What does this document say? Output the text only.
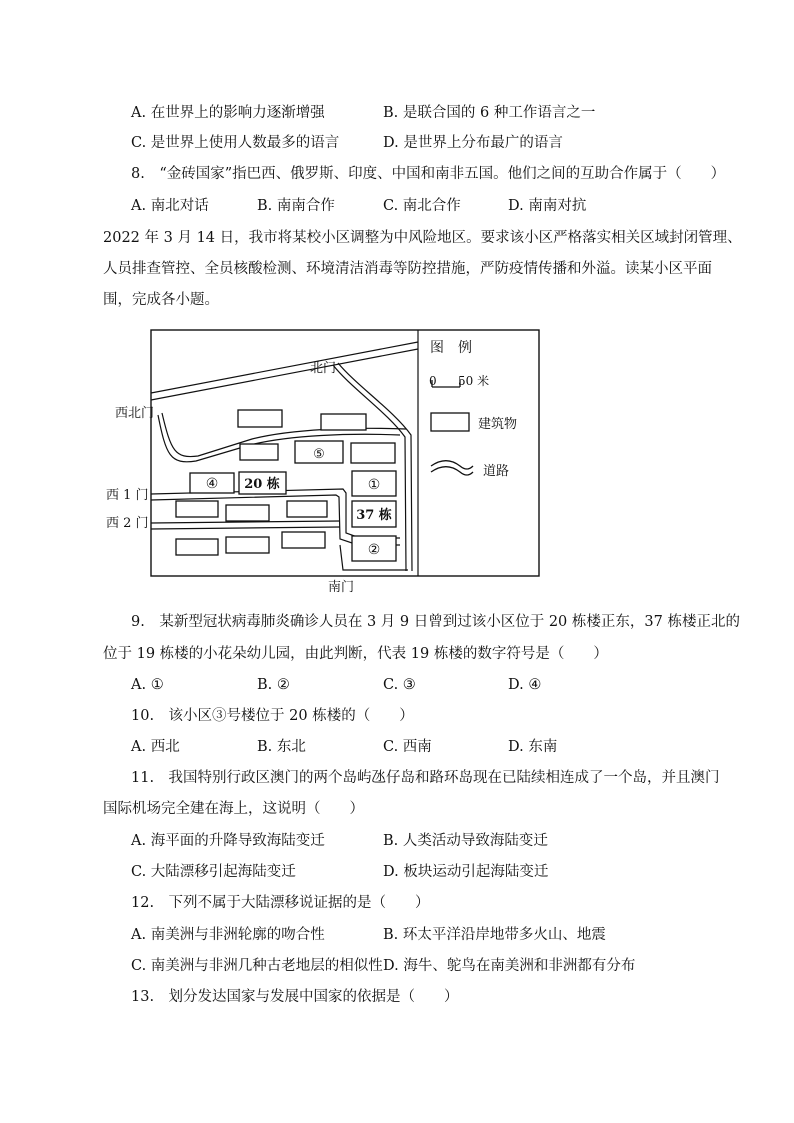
A. 在世界上的影响力逐渐增强	B. 是联合国的 6 种工作语言之一
C. 是世界上使用人数最多的语言	D. 是世界上分布最广的语言
8.　“金砖国家”指巴西、俄罗斯、印度、中国和南非五国。他们之间的互助合作属于（　　）
A. 南北对话	B. 南南合作	C. 南北合作	D. 南南对抗
2022 年 3 月 14 日，我市将某校小区调整为中风险地区。要求该小区严格落实相关区域封闭管理、
人员排查管控、全员核酸检测、环境清洁消毒等防控措施，严防疫情传播和外溢。读某小区平面
围，完成各小题。
⑤
④ 20 栋	①
37 栋
②
北门
西北门
西 1 门
西 2 门
南门
图　例
0 50 米
建筑物
道路
9.　某新型冠状病毒肺炎确诊人员在 3 月 9 日曾到过该小区位于 20 栋楼正东，37 栋楼正北的
位于 19 栋楼的小花朵幼儿园，由此判断，代表 19 栋楼的数字符号是（　　）
A. ①	B. ②	C. ③	D. ④
10.　该小区③号楼位于 20 栋楼的（　　）
A. 西北	B. 东北	C. 西南	D. 东南
11.　我国特别行政区澳门的两个岛屿氹仔岛和路环岛现在已陆续相连成了一个岛，并且澳门
国际机场完全建在海上，这说明（　　）
A. 海平面的升降导致海陆变迁	B. 人类活动导致海陆变迁
C. 大陆漂移引起海陆变迁	D. 板块运动引起海陆变迁
12.　下列不属于大陆漂移说证据的是（　　）
A. 南美洲与非洲轮廓的吻合性	B. 环太平洋沿岸地带多火山、地震
C. 南美洲与非洲几种古老地层的相似性 D. 海牛、鸵鸟在南美洲和非洲都有分布
13.　划分发达国家与发展中国家的依据是（　　）
